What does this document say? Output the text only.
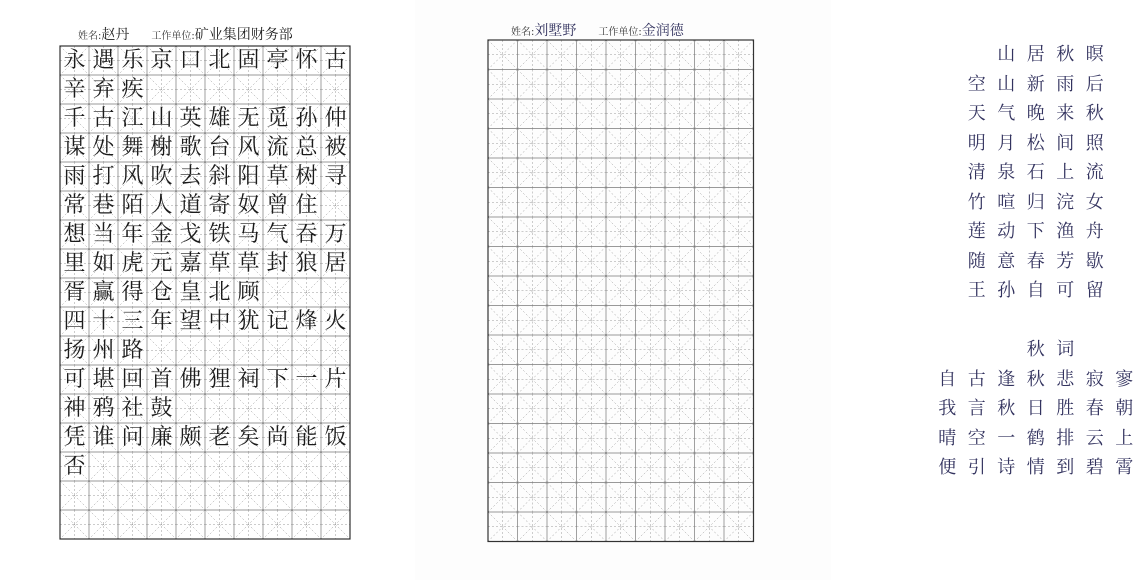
姓名:赵丹 工作单位:矿业集团财务部
永 遇 乐 京 口 北 固 亭 怀 古
辛 弃 疾
千 古 江 山 英 雄 无 觅 孙 仲
谋 处 舞 榭 歌 台 风 流 总 被
雨 打 风 吹 去 斜 阳 草 树 寻
常 巷 陌 人 道 寄 奴 曾 住
想 当 年 金 戈 铁 马 气 吞 万
里 如 虎 元 嘉 草 草 封 狼 居
胥 赢 得 仓 皇 北 顾
四 十 三 年 望 中 犹 记 烽 火
扬 州 路
可 堪 回 首 佛 狸 祠 下 一 片
神 鸦 社 鼓
凭 谁 问 廉 颇 老 矣 尚 能 饭
否
姓名:刘墅野 工作单位:金润德
山 居 秋 暝
空 山 新 雨 后
天 气 晚 来 秋
明 月 松 间 照
清 泉 石 上 流
竹 喧 归 浣 女
莲 动 下 渔 舟
随 意 春 芳 歇
王 孙 自 可 留
秋 词
自 古 逢 秋 悲 寂 寥
我 言 秋 日 胜 春 朝
晴 空 一 鹤 排 云 上
便 引 诗 情 到 碧 霄
